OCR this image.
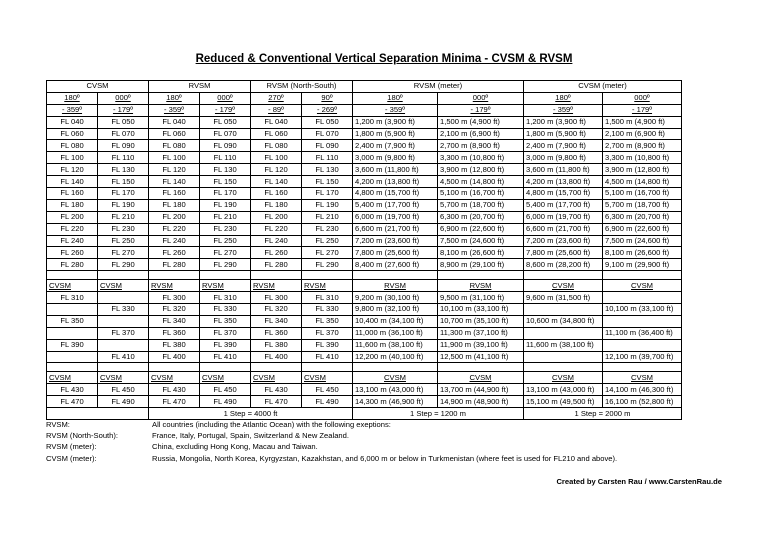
Reduced & Conventional Vertical Separation Minima - CVSM & RVSM
CVSM		RVSM		RVSM (North-South)		RVSM (meter)		CVSM (meter)	
180º	000º	180º	000º	270º	90º	180º	000º	180º	000º
- 359º	- 179º	- 359º	- 179º	- 89º	- 269º	- 359º	- 179º	- 359º	- 179º
FL 040	FL 050	FL 040	FL 050	FL 040	FL 050	1,200 m (3,900 ft)	1,500 m (4,900 ft)	1,200 m (3,900 ft)	1,500 m (4,900 ft)
FL 060	FL 070	FL 060	FL 070	FL 060	FL 070	1,800 m (5,900 ft)	2,100 m (6,900 ft)	1,800 m (5,900 ft)	2,100 m (6,900 ft)
FL 080	FL 090	FL 080	FL 090	FL 080	FL 090	2,400 m (7,900 ft)	2,700 m (8,900 ft)	2,400 m (7,900 ft)	2,700 m (8,900 ft)
FL 100	FL 110	FL 100	FL 110	FL 100	FL 110	3,000 m (9,800 ft)	3,300 m (10,800 ft)	3,000 m (9,800 ft)	3,300 m (10,800 ft)
FL 120	FL 130	FL 120	FL 130	FL 120	FL 130	3,600 m (11,800 ft)	3,900 m (12,800 ft)	3,600 m (11,800 ft)	3,900 m (12,800 ft)
FL 140	FL 150	FL 140	FL 150	FL 140	FL 150	4,200 m (13,800 ft)	4,500 m (14,800 ft)	4,200 m (13,800 ft)	4,500 m (14,800 ft)
FL 160	FL 170	FL 160	FL 170	FL 160	FL 170	4,800 m (15,700 ft)	5,100 m (16,700 ft)	4,800 m (15,700 ft)	5,100 m (16,700 ft)
FL 180	FL 190	FL 180	FL 190	FL 180	FL 190	5,400 m (17,700 ft)	5,700 m (18,700 ft)	5,400 m (17,700 ft)	5,700 m (18,700 ft)
FL 200	FL 210	FL 200	FL 210	FL 200	FL 210	6,000 m (19,700 ft)	6,300 m (20,700 ft)	6,000 m (19,700 ft)	6,300 m (20,700 ft)
FL 220	FL 230	FL 220	FL 230	FL 220	FL 230	6,600 m (21,700 ft)	6,900 m (22,600 ft)	6,600 m (21,700 ft)	6,900 m (22,600 ft)
FL 240	FL 250	FL 240	FL 250	FL 240	FL 250	7,200 m (23,600 ft)	7,500 m (24,600 ft)	7,200 m (23,600 ft)	7,500 m (24,600 ft)
FL 260	FL 270	FL 260	FL 270	FL 260	FL 270	7,800 m (25,600 ft)	8,100 m (26,600 ft)	7,800 m (25,600 ft)	8,100 m (26,600 ft)
FL 280	FL 290	FL 280	FL 290	FL 280	FL 290	8,400 m (27,600 ft)	8,900 m (29,100 ft)	8,600 m (28,200 ft)	9,100 m (29,900 ft)

CVSM	CVSM	RVSM	RVSM	RVSM	RVSM	RVSM	RVSM	CVSM	CVSM
FL 310		FL 300	FL 310	FL 300	FL 310	9,200 m (30,100 ft)	9,500 m (31,100 ft)	9,600 m (31,500 ft)	
	FL 330	FL 320	FL 330	FL 320	FL 330	9,800 m (32,100 ft)	10,100 m (33,100 ft)		10,100 m (33,100 ft)
FL 350		FL 340	FL 350	FL 340	FL 350	10,400 m (34,100 ft)	10,700 m (35,100 ft)	10,600 m (34,800 ft)	
	FL 370	FL 360	FL 370	FL 360	FL 370	11,000 m (36,100 ft)	11,300 m (37,100 ft)		11,100 m (36,400 ft)
FL 390		FL 380	FL 390	FL 380	FL 390	11,600 m (38,100 ft)	11,900 m (39,100 ft)	11,600 m (38,100 ft)	
	FL 410	FL 400	FL 410	FL 400	FL 410	12,200 m (40,100 ft)	12,500 m (41,100 ft)		12,100 m (39,700 ft)

CVSM	CVSM	CVSM	CVSM	CVSM	CVSM	CVSM	CVSM	CVSM	CVSM
FL 430	FL 450	FL 430	FL 450	FL 430	FL 450	13,100 m (43,000 ft)	13,700 m (44,900 ft)	13,100 m (43,000 ft)	14,100 m (46,300 ft)
FL 470	FL 490	FL 470	FL 490	FL 470	FL 490	14,300 m (46,900 ft)	14,900 m (48,900 ft)	15,100 m (49,500 ft)	16,100 m (52,800 ft)
		1 Step = 4000 ft				1 Step = 1200 m		1 Step = 2000 m	
RVSM:	All countries (including the Atlantic Ocean) with the following exeptions:
RVSM (North-South):	France, Italy, Portugal, Spain, Switzerland & New Zealand.
RVSM (meter):	China, excluding Hong Kong, Macau and Taiwan.
CVSM (meter):	Russia, Mongolia, North Korea, Kyrgyzstan, Kazakhstan, and 6,000 m or below in Turkmenistan (where feet is used for FL210 and above).
Created by Carsten Rau / www.CarstenRau.de
